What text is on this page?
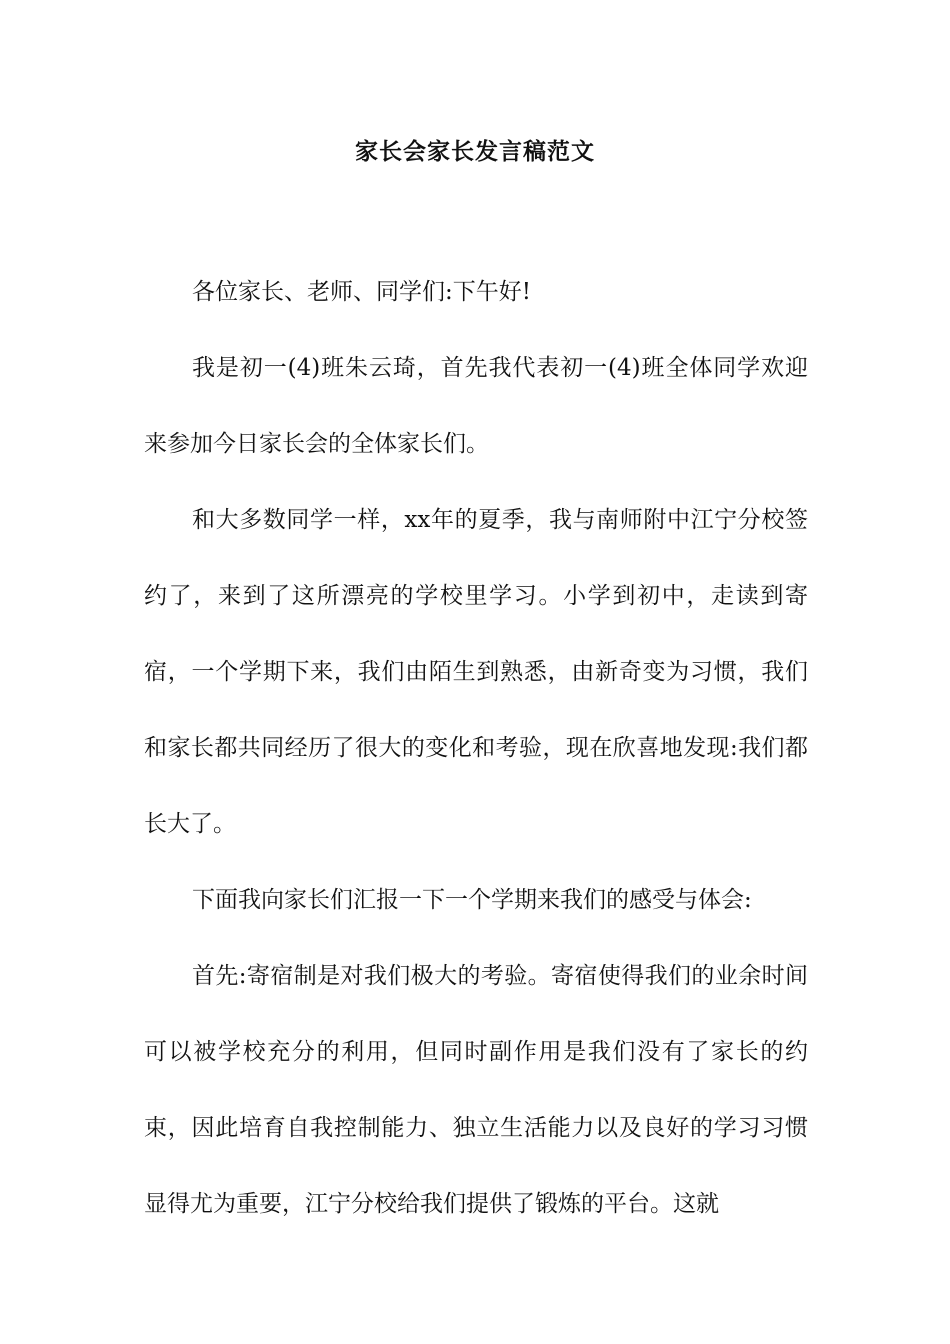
家长会家长发言稿范文

各位家长、老师、同学们:下午好!

我是初一(4)班朱云琦，首先我代表初一(4)班全体同学欢迎来参加今日家长会的全体家长们。

和大多数同学一样，xx年的夏季，我与南师附中江宁分校签约了，来到了这所漂亮的学校里学习。小学到初中，走读到寄宿，一个学期下来，我们由陌生到熟悉，由新奇变为习惯，我们和家长都共同经历了很大的变化和考验，现在欣喜地发现:我们都长大了。

下面我向家长们汇报一下一个学期来我们的感受与体会:

首先:寄宿制是对我们极大的考验。寄宿使得我们的业余时间可以被学校充分的利用，但同时副作用是我们没有了家长的约束，因此培育自我控制能力、独立生活能力以及良好的学习习惯显得尤为重要，江宁分校给我们提供了锻炼的平台。这就
